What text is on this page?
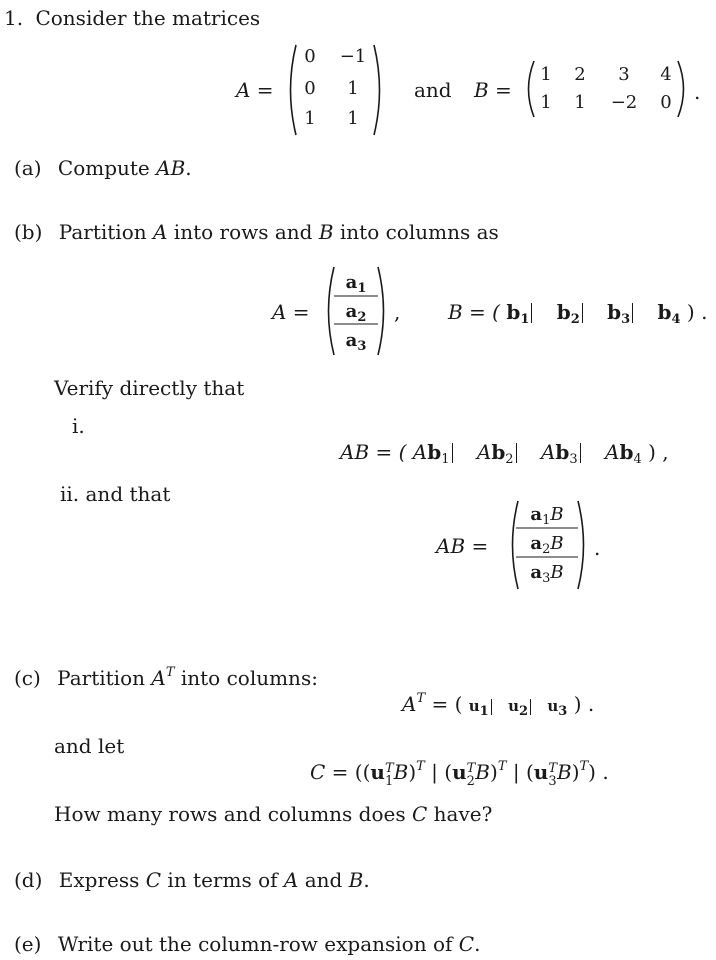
1. Consider the matrices
A =
0 −1
0	1
1	1
and B =
1 2	3	4
1 1	−2	0 .
(a) Compute AB.
(b) Partition A into rows and B into columns as
A =
$a_1$
$a_2$
$a_3$
, B = ( $b_1$ $b_2$ $b_3$ $b_4$ ) .
Verify directly that
i.
AB = ( $Ab_1$ $Ab_2$ $Ab_3$ $Ab_4$ ) ,
ii. and that
AB =
$a_1B$
$a_2B$
$a_3B$
.
(c) Partition $A^T$ into columns:
$A^T$ = ( u1 u2 u3 ) .
and let
C = ((u T
1 B)$^T$ | (u T
2 B)$^T$ | (u T
3 B)$^T$) .
How many rows and columns does C have?
(d) Express C in terms of A and B.
(e) Write out the column-row expansion of C.
